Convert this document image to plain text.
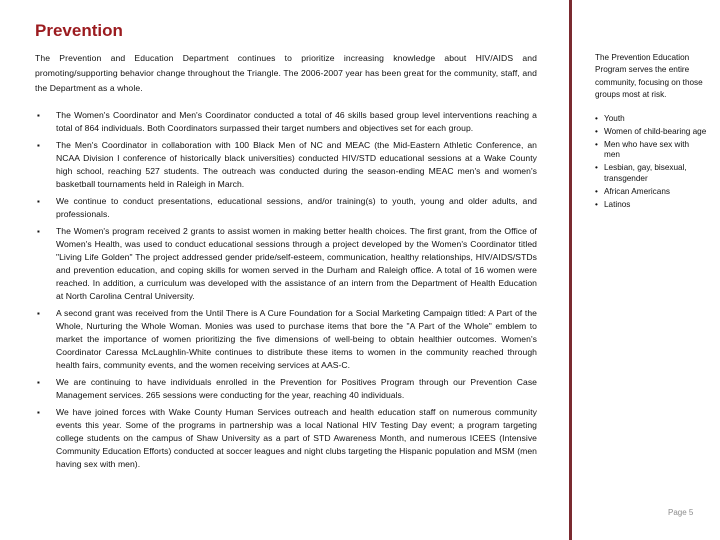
Prevention

The Prevention and Education Department continues to prioritize increasing knowledge about HIV/AIDS and promoting/supporting behavior change throughout the Triangle. The 2006-2007 year has been great for the community, staff, and the Department as a whole.

▪ The Women's Coordinator and Men's Coordinator conducted a total of 46 skills based group level interventions reaching a total of 864 individuals. Both Coordinators surpassed their target numbers and objectives set for each group.
▪ The Men's Coordinator in collaboration with 100 Black Men of NC and MEAC (the Mid-Eastern Athletic Conference, an NCAA Division I conference of historically black universities) conducted HIV/STD educational sessions at a Wake County high school, reaching 527 students. The outreach was conducted during the season-ending MEAC men's and women's basketball tournaments held in Raleigh in March.
▪ We continue to conduct presentations, educational sessions, and/or training(s) to youth, young and older adults, and professionals.
▪ The Women's program received 2 grants to assist women in making better health choices. The first grant, from the Office of Women's Health, was used to conduct educational sessions through a project developed by the Women's Coordinator titled "Living Life Golden" The project addressed gender pride/self-esteem, communication, healthy relationships, HIV/AIDS/STDs and prevention education, and coping skills for women served in the Durham and Raleigh office. A total of 16 women were reached. In addition, a curriculum was developed with the assistance of an intern from the Department of Health Education at North Carolina Central University.
▪ A second grant was received from the Until There is A Cure Foundation for a Social Marketing Campaign titled: A Part of the Whole, Nurturing the Whole Woman. Monies was used to purchase items that bore the "A Part of the Whole" emblem to market the importance of women prioritizing the five dimensions of well-being to obtain healthier outcomes. Women's Coordinator Caressa McLaughlin-White continues to distribute these items to women in the community reached through health fairs, community events, and the women receiving services at AAS-C.
▪ We are continuing to have individuals enrolled in the Prevention for Positives Program through our Prevention Case Management services. 265 sessions were conducting for the year, reaching 40 individuals.
▪ We have joined forces with Wake County Human Services outreach and health education staff on numerous community events this year. Some of the programs in partnership was a local National HIV Testing Day event; a program targeting college students on the campus of Shaw University as a part of STD Awareness Month, and numerous ICEES (Intensive Community Education Efforts) conducted at soccer leagues and night clubs targeting the Hispanic population and MSM (men having sex with men).

The Prevention Education Program serves the entire community, focusing on those groups most at risk.

• Youth
• Women of child-bearing age
• Men who have sex with men
• Lesbian, gay, bisexual, transgender
• African Americans
• Latinos
Page 5
